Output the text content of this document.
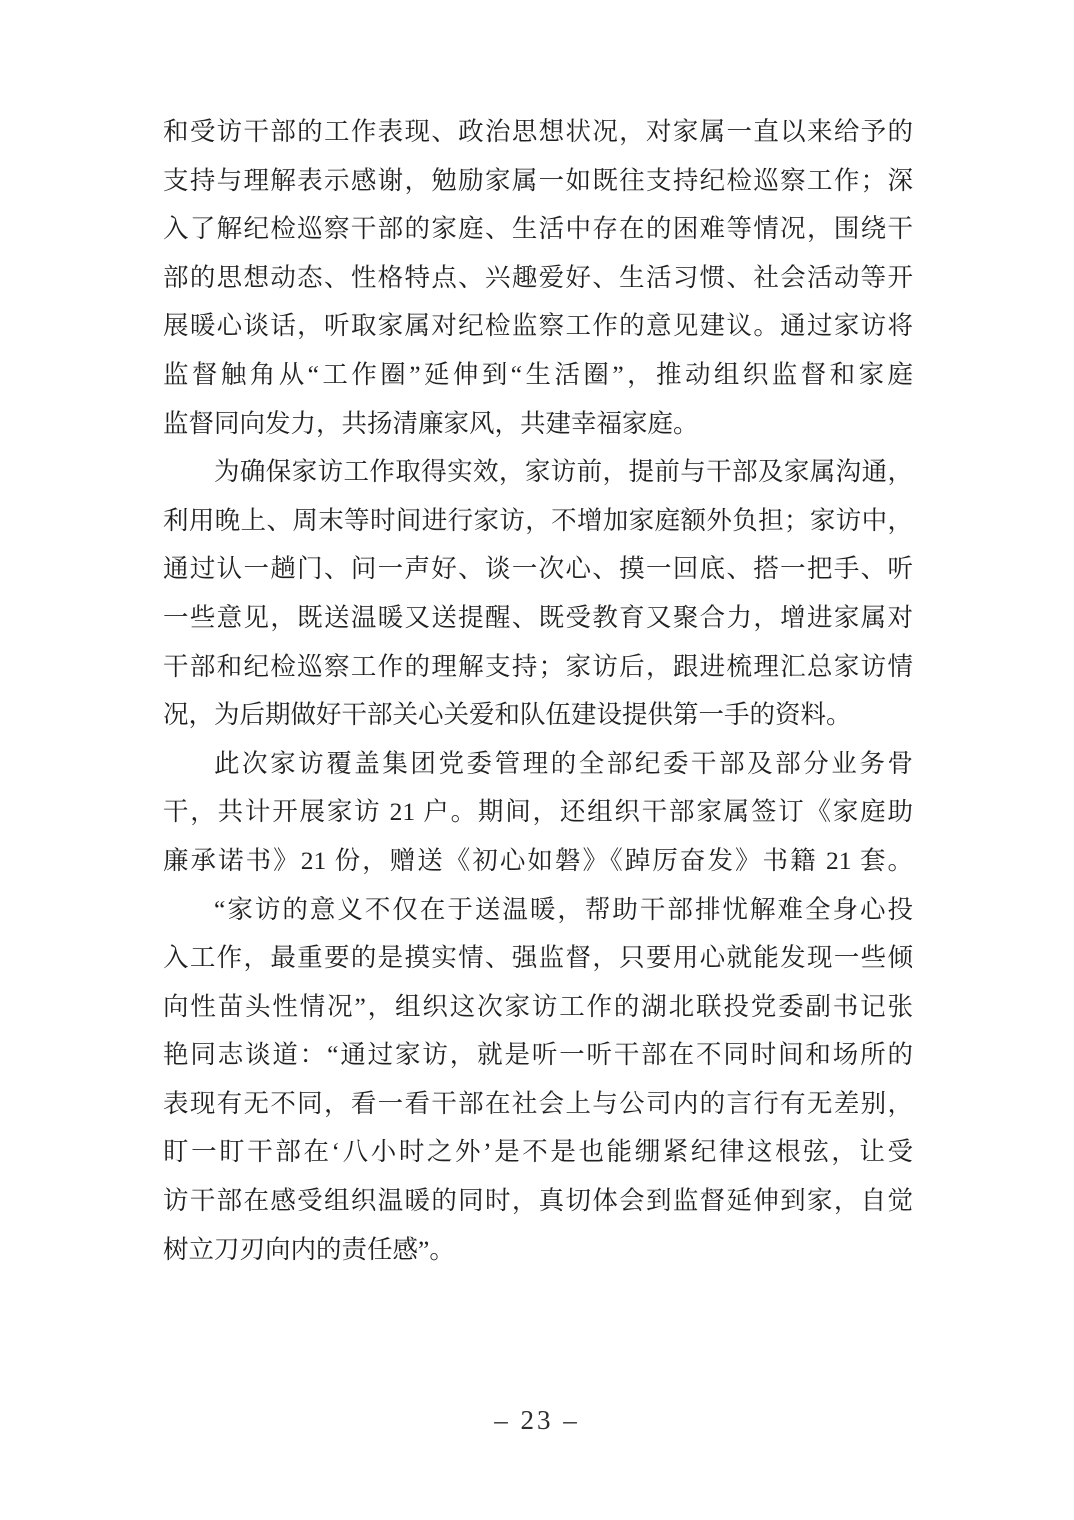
和受访干部的工作表现、政治思想状况，对家属一直以来给予的
支持与理解表示感谢，勉励家属一如既往支持纪检巡察工作；深
入了解纪检巡察干部的家庭、生活中存在的困难等情况，围绕干
部的思想动态、性格特点、兴趣爱好、生活习惯、社会活动等开
展暖心谈话，听取家属对纪检监察工作的意见建议。通过家访将
监督触角从“工作圈”延伸到“生活圈”，推动组织监督和家庭
监督同向发力，共扬清廉家风，共建幸福家庭。
为确保家访工作取得实效，家访前，提前与干部及家属沟通，
利用晚上、周末等时间进行家访，不增加家庭额外负担；家访中，
通过认一趟门、问一声好、谈一次心、摸一回底、搭一把手、听
一些意见，既送温暖又送提醒、既受教育又聚合力，增进家属对
干部和纪检巡察工作的理解支持；家访后，跟进梳理汇总家访情
况，为后期做好干部关心关爱和队伍建设提供第一手的资料。
此次家访覆盖集团党委管理的全部纪委干部及部分业务骨
干，共计开展家访 21 户。期间，还组织干部家属签订《家庭助
廉承诺书》21 份，赠送《初心如磐》《踔厉奋发》书籍 21 套。
“家访的意义不仅在于送温暖，帮助干部排忧解难全身心投
入工作，最重要的是摸实情、强监督，只要用心就能发现一些倾
向性苗头性情况”，组织这次家访工作的湖北联投党委副书记张
艳同志谈道：“通过家访，就是听一听干部在不同时间和场所的
表现有无不同，看一看干部在社会上与公司内的言行有无差别，
盯一盯干部在‘八小时之外’是不是也能绷紧纪律这根弦，让受
访干部在感受组织温暖的同时，真切体会到监督延伸到家，自觉
树立刀刃向内的责任感”。
– 23 –
